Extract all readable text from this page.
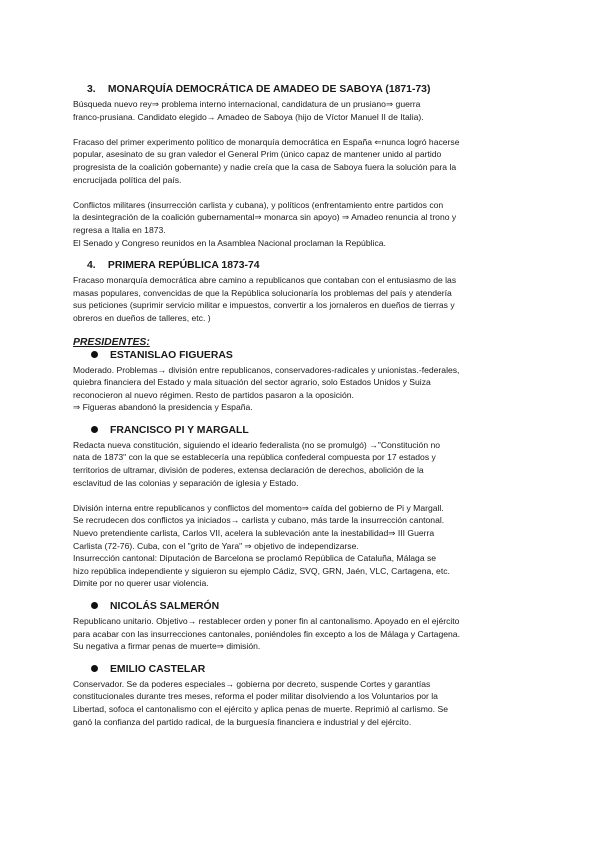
3. MONARQUÍA DEMOCRÁTICA DE AMADEO DE SABOYA (1871-73)

Búsqueda nuevo rey⇒ problema interno internacional, candidatura de un prusiano⇒ guerra
franco-prusiana. Candidato elegido→ Amadeo de Saboya (hijo de Víctor Manuel II de Italia).

Fracaso del primer experimento político de monarquía democrática en España ⇐nunca logró hacerse
popular, asesinato de su gran valedor el General Prim (único capaz de mantener unido al partido
progresista de la coalición gobernante) y nadie creía que la casa de Saboya fuera la solución para la
encrucijada política del país.

Conflictos militares (insurrección carlista y cubana), y políticos (enfrentamiento entre partidos con
la desintegración de la coalición gubernamental⇒ monarca sin apoyo) ⇒ Amadeo renuncia al trono y
regresa a Italia en 1873.
El Senado y Congreso reunidos en la Asamblea Nacional proclaman la República.

4. PRIMERA REPÚBLICA 1873-74

Fracaso monarquía democrática abre camino a republicanos que contaban con el entusiasmo de las
masas populares, convencidas de que la República solucionaría los problemas del país y atendería
sus peticiones (suprimir servicio militar e impuestos, convertir a los jornaleros en dueños de tierras y
obreros en dueños de talleres, etc. )

PRESIDENTES:
ESTANISLAO FIGUERAS

Moderado. Problemas→ división entre republicanos, conservadores-radicales y unionistas.-federales,
quiebra financiera del Estado y mala situación del sector agrario, solo Estados Unidos y Suiza
reconocieron al nuevo régimen. Resto de partidos pasaron a la oposición.
⇒ Figueras abandonó la presidencia y España.

FRANCISCO PI Y MARGALL

Redacta nueva constitución, siguiendo el ideario federalista (no se promulgó) →"Constitución no
nata de 1873" con la que se establecería una república confederal compuesta por 17 estados y
territorios de ultramar, división de poderes, extensa declaración de derechos, abolición de la
esclavitud de las colonias y separación de iglesia y Estado.

División interna entre republicanos y conflictos del momento⇒ caída del gobierno de Pi y Margall.
Se recrudecen dos conflictos ya iniciados→ carlista y cubano, más tarde la insurrección cantonal.
Nuevo pretendiente carlista, Carlos VII, acelera la sublevación ante la inestabilidad⇒ III Guerra
Carlista (72-76). Cuba, con el "grito de Yara" ⇒ objetivo de independizarse.
Insurrección cantonal: Diputación de Barcelona se proclamó República de Cataluña, Málaga se
hizo república independiente y siguieron su ejemplo Cádiz, SVQ, GRN, Jaén, VLC, Cartagena, etc.
Dimite por no querer usar violencia.

NICOLÁS SALMERÓN

Republicano unitario. Objetivo→ restablecer orden y poner fin al cantonalismo. Apoyado en el ejército
para acabar con las insurrecciones cantonales, poniéndoles fin excepto a los de Málaga y Cartagena.
Su negativa a firmar penas de muerte⇒ dimisión.

EMILIO CASTELAR

Conservador. Se da poderes especiales→ gobierna por decreto, suspende Cortes y garantías
constitucionales durante tres meses, reforma el poder militar disolviendo a los Voluntarios por la
Libertad, sofoca el cantonalismo con el ejército y aplica penas de muerte. Reprimió al carlismo. Se
ganó la confianza del partido radical, de la burguesía financiera e industrial y del ejército.
